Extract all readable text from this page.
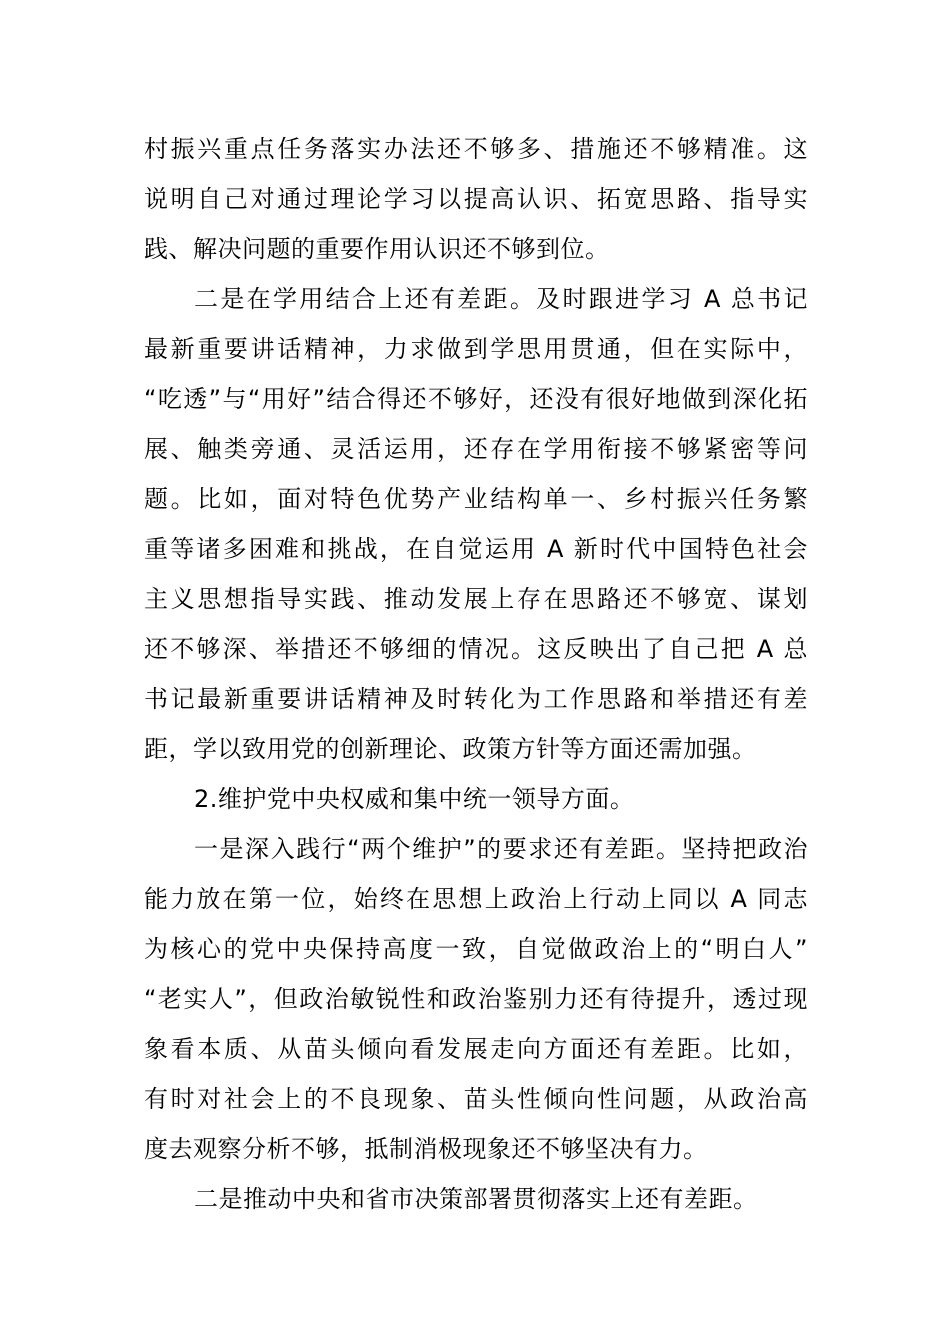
村振兴重点任务落实办法还不够多、措施还不够精准。这
说明自己对通过理论学习以提高认识、拓宽思路、指导实
践、解决问题的重要作用认识还不够到位。
二是在学用结合上还有差距。及时跟进学习 A 总书记
最新重要讲话精神，力求做到学思用贯通，但在实际中，
“吃透”与“用好”结合得还不够好，还没有很好地做到深化拓
展、触类旁通、灵活运用，还存在学用衔接不够紧密等问
题。比如，面对特色优势产业结构单一、乡村振兴任务繁
重等诸多困难和挑战，在自觉运用 A 新时代中国特色社会
主义思想指导实践、推动发展上存在思路还不够宽、谋划
还不够深、举措还不够细的情况。这反映出了自己把 A 总
书记最新重要讲话精神及时转化为工作思路和举措还有差
距，学以致用党的创新理论、政策方针等方面还需加强。
2.维护党中央权威和集中统一领导方面。
一是深入践行“两个维护”的要求还有差距。坚持把政治
能力放在第一位，始终在思想上政治上行动上同以 A 同志
为核心的党中央保持高度一致，自觉做政治上的“明白人”
“老实人”，但政治敏锐性和政治鉴别力还有待提升，透过现
象看本质、从苗头倾向看发展走向方面还有差距。比如，
有时对社会上的不良现象、苗头性倾向性问题，从政治高
度去观察分析不够，抵制消极现象还不够坚决有力。
二是推动中央和省市决策部署贯彻落实上还有差距。
